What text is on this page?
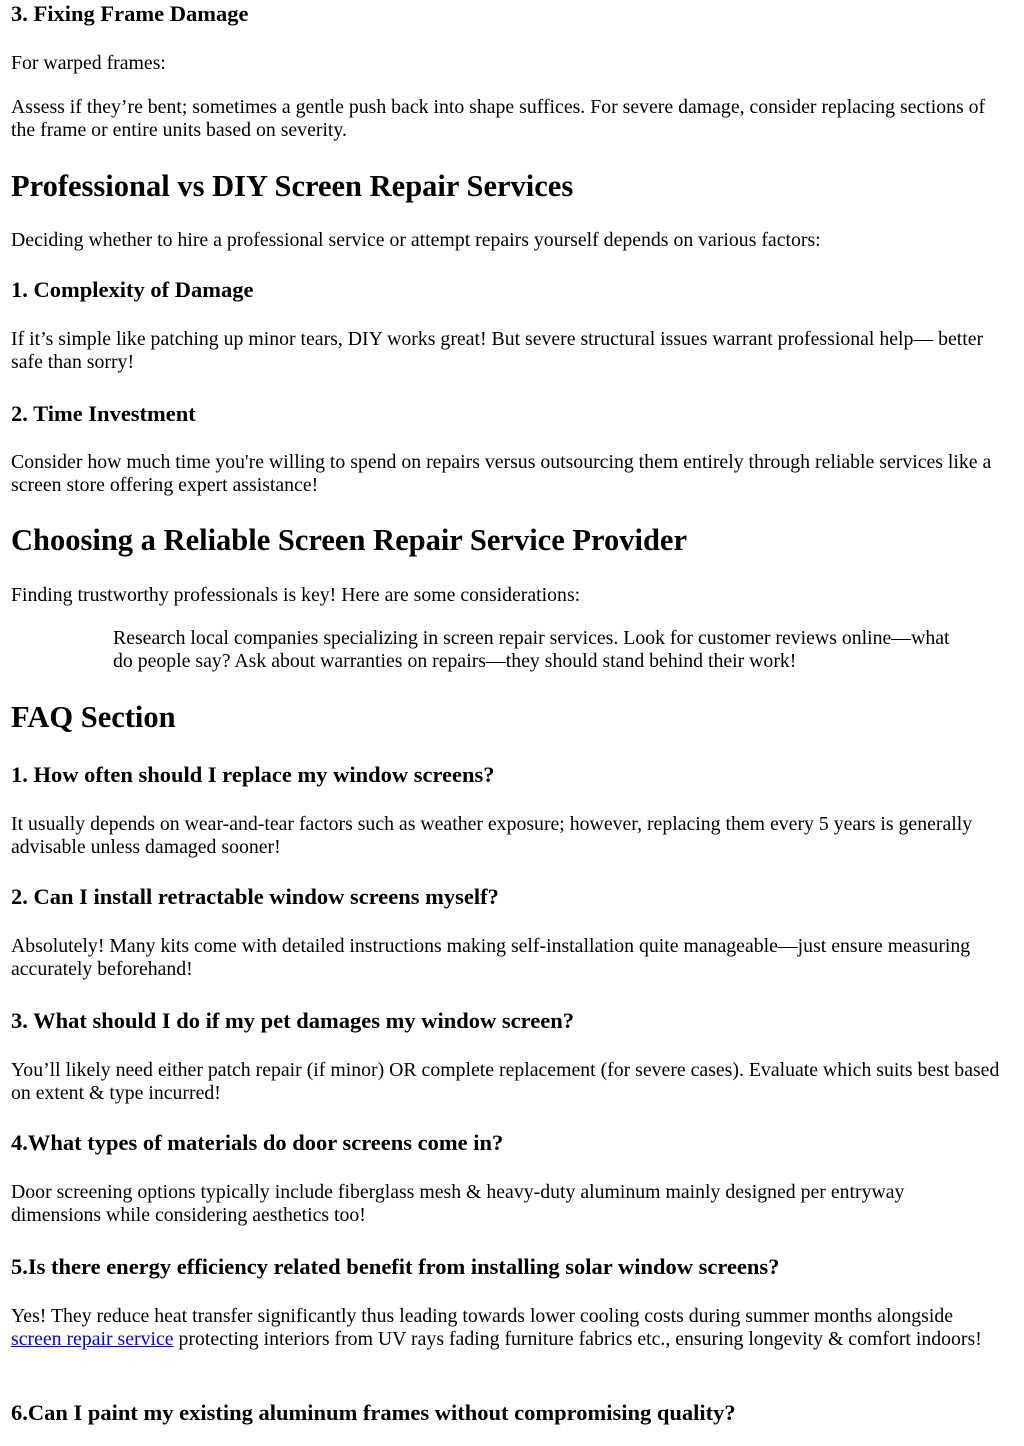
3. Fixing Frame Damage

For warped frames:

Assess if they’re bent; sometimes a gentle push back into shape suffices. For severe damage, consider replacing sections of the frame or entire units based on severity.

Professional vs DIY Screen Repair Services

Deciding whether to hire a professional service or attempt repairs yourself depends on various factors:

1. Complexity of Damage

If it’s simple like patching up minor tears, DIY works great! But severe structural issues warrant professional help— better safe than sorry!

2. Time Investment

Consider how much time you're willing to spend on repairs versus outsourcing them entirely through reliable services like a screen store offering expert assistance!

Choosing a Reliable Screen Repair Service Provider

Finding trustworthy professionals is key! Here are some considerations:

Research local companies specializing in screen repair services. Look for customer reviews online—what do people say? Ask about warranties on repairs—they should stand behind their work!
FAQ Section
1. How often should I replace my window screens?

It usually depends on wear-and-tear factors such as weather exposure; however, replacing them every 5 years is generally advisable unless damaged sooner!

2. Can I install retractable window screens myself?

Absolutely! Many kits come with detailed instructions making self-installation quite manageable—just ensure measuring accurately beforehand!

3. What should I do if my pet damages my window screen?

You’ll likely need either patch repair (if minor) OR complete replacement (for severe cases). Evaluate which suits best based on extent & type incurred!

4.What types of materials do door screens come in?

Door screening options typically include fiberglass mesh & heavy-duty aluminum mainly designed per entryway dimensions while considering aesthetics too!

5.Is there energy efficiency related benefit from installing solar window screens?

Yes! They reduce heat transfer significantly thus leading towards lower cooling costs during summer months alongside screen repair service protecting interiors from UV rays fading furniture fabrics etc., ensuring longevity & comfort indoors!

6.Can I paint my existing aluminum frames without compromising quality?
